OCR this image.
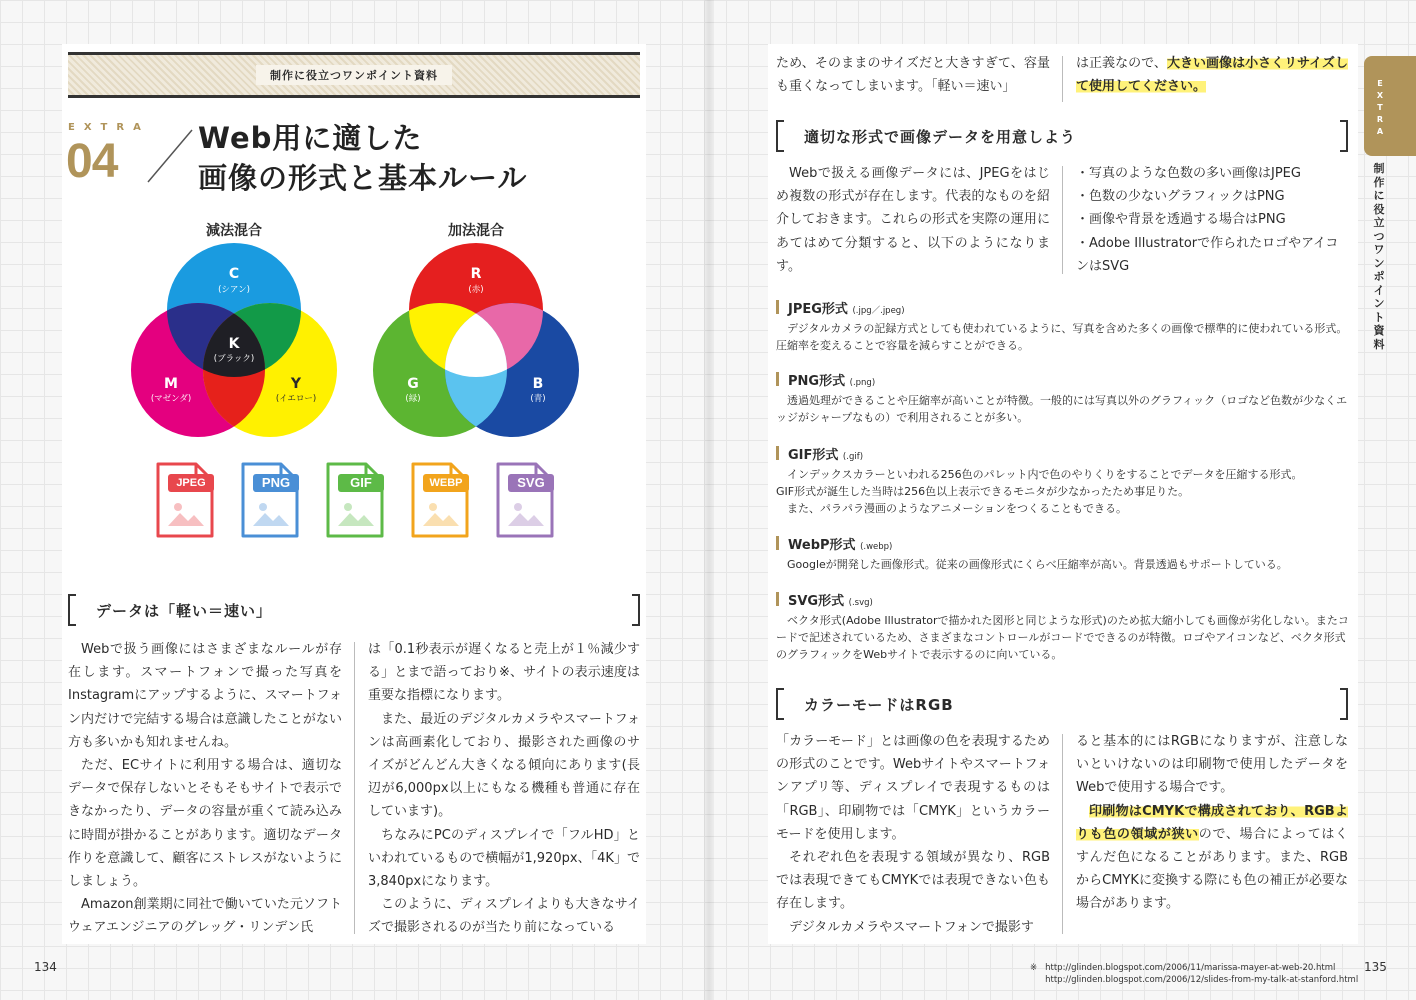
制作に役立つワンポイント資料
EXTRA
04	Web用に適した
画像の形式と基本ルール
減法混合	加法混合
C
(シアン)
K
(ブラック)
M
(マゼンダ)
Y
(イエロー)
R
(赤)
G
(緑)
B
(青)
JPEG	PNG	GIF	WEBP	SVG
データは「軽い＝速い」

Webで扱う画像にはさまざまなルールが存在します。スマートフォンで撮った写真をInstagramにアップするように、スマートフォン内だけで完結する場合は意識したことがない方も多いかも知れませんね。

ただ、ECサイトに利用する場合は、適切なデータで保存しないとそもそもサイトで表示できなかったり、データの容量が重くて読み込みに時間が掛かることがあります。適切なデータ作りを意識して、顧客にストレスがないようにしましょう。

Amazon創業期に同社で働いていた元ソフトウェアエンジニアのグレッグ・リンデン氏

は「0.1秒表示が遅くなると売上が１％減少する」とまで語っており※、サイトの表示速度は重要な指標になります。

また、最近のデジタルカメラやスマートフォンは高画素化しており、撮影された画像のサイズがどんどん大きくなる傾向にあります(長辺が6,000px以上にもなる機種も普通に存在しています)。

ちなみにPCのディスプレイで「フルHD」といわれているもので横幅が1,920px、「4K」で3,840pxになります。

このように、ディスプレイよりも大きなサイズで撮影されるのが当たり前になっている

134

ため、そのままのサイズだと大きすぎて、容量も重くなってしまいます。「軽い＝速い」

は正義なので、大きい画像は小さくリサイズして使用してください。

適切な形式で画像データを用意しよう

Webで扱える画像データには、JPEGをはじめ複数の形式が存在します。代表的なものを紹介しておきます。これらの形式を実際の運用にあてはめて分類すると、以下のようになります。

・写真のような色数の多い画像はJPEG
・色数の少ないグラフィックはPNG
・画像や背景を透過する場合はPNG
・Adobe Illustratorで作られたロゴやアイコンはSVG
JPEG形式 (.jpg／.jpeg)

デジタルカメラの記録方式としても使われているように、写真を含めた多くの画像で標準的に使われている形式。圧縮率を変えることで容量を減らすことができる。

PNG形式 (.png)

透過処理ができることや圧縮率が高いことが特徴。一般的には写真以外のグラフィック（ロゴなど色数が少なくエッジがシャープなもの）で利用されることが多い。

GIF形式 (.gif)

インデックスカラーといわれる256色のパレット内で色のやりくりをすることでデータを圧縮する形式。

GIF形式が誕生した当時は256色以上表示できるモニタが少なかったため事足りた。

また、パラパラ漫画のようなアニメーションをつくることもできる。

WebP形式 (.webp)

Googleが開発した画像形式。従来の画像形式にくらべ圧縮率が高い。背景透過もサポートしている。

SVG形式 (.svg)

ベクタ形式(Adobe Illustratorで描かれた図形と同じような形式)のため拡大縮小しても画像が劣化しない。またコードで記述されているため、さまざまなコントロールがコードでできるのが特徴。ロゴやアイコンなど、ベクタ形式のグラフィックをWebサイトで表示するのに向いている。

カラーモードはRGB

「カラーモード」とは画像の色を表現するための形式のことです。Webサイトやスマートフォンアプリ等、ディスプレイで表現するものは「RGB」、印刷物では「CMYK」というカラーモードを使用します。

それぞれ色を表現する領域が異なり、RGBでは表現できてもCMYKでは表現できない色も存在します。

デジタルカメラやスマートフォンで撮影す

ると基本的にはRGBになりますが、注意しないといけないのは印刷物で使用したデータをWebで使用する場合です。

印刷物はCMYKで構成されており、RGBよりも色の領域が狭いので、場合によってはくすんだ色になることがあります。また、RGBからCMYKに変換する際にも色の補正が必要な場合があります。

EXTRA
制作に役立つワンポイント資料
135
※ http://glinden.blogspot.com/2006/11/marissa-mayer-at-web-20.html
http://glinden.blogspot.com/2006/12/slides-from-my-talk-at-stanford.html
